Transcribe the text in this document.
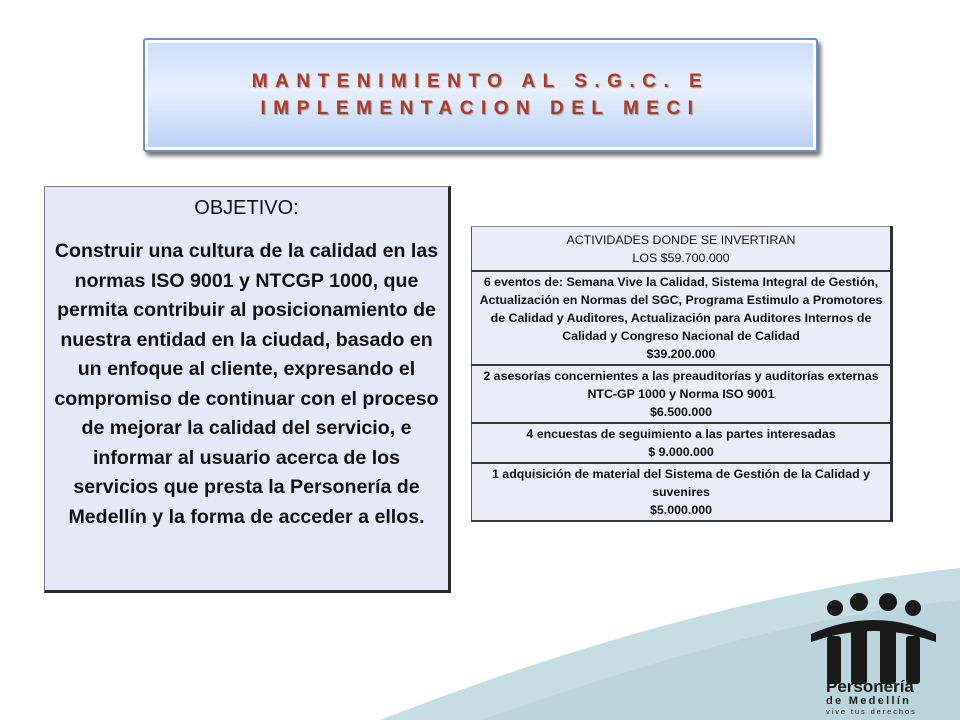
MANTENIMIENTO AL S.G.C. E
IMPLEMENTACION DEL MECI
OBJETIVO:
Construir una cultura de la calidad en las normas ISO 9001 y NTCGP 1000, que permita contribuir al posicionamiento de nuestra entidad en la ciudad, basado en un enfoque al cliente, expresando el compromiso de continuar con el proceso de mejorar la calidad del servicio, e informar al usuario acerca de los servicios que presta la Personería de Medellín y la forma de acceder a ellos.
ACTIVIDADES DONDE SE INVERTIRAN
LOS $59.700.000

6 eventos de: Semana Vive la Calidad, Sistema Integral de Gestión, Actualización en Normas del SGC, Programa Estimulo a Promotores de Calidad y Auditores, Actualización para Auditores Internos de Calidad y Congreso Nacional de Calidad
$39.200.000

2 asesorías concernientes a las preauditorías y auditorías externas NTC-GP 1000 y Norma ISO 9001
$6.500.000

4 encuestas de seguimiento a las partes interesadas
$ 9.000.000

1 adquisición de material del Sistema de Gestión de la Calidad y suvenires
$5.000.000
Personería
de Medellín
vive tus derechos
